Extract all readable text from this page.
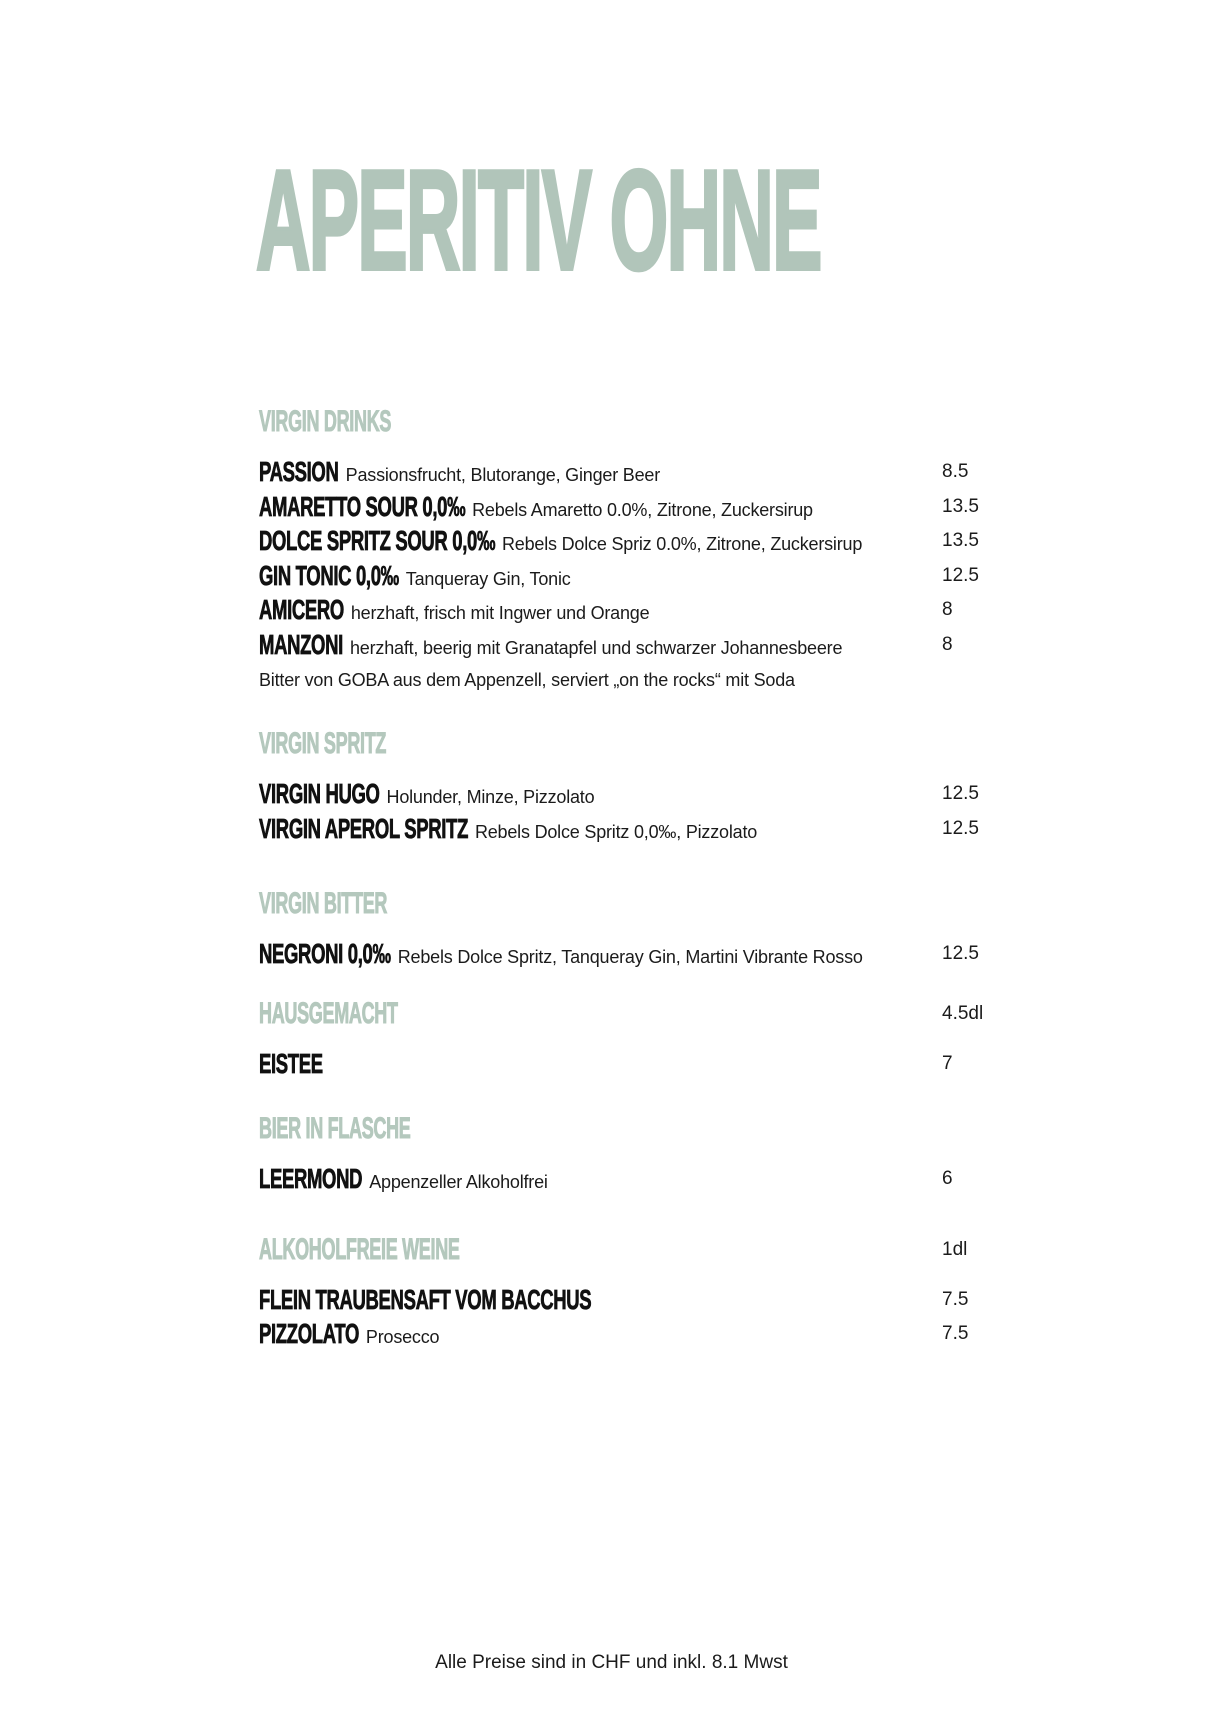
APERITIV OHNE
VIRGIN DRINKS
PASSION Passionsfrucht, Blutorange, Ginger Beer	8.5
AMARETTO SOUR 0,0‰ Rebels Amaretto 0.0%, Zitrone, Zuckersirup	13.5
DOLCE SPRITZ SOUR 0,0‰ Rebels Dolce Spriz 0.0%, Zitrone, Zuckersirup	13.5
GIN TONIC 0,0‰ Tanqueray Gin, Tonic	12.5
AMICERO herzhaft, frisch mit Ingwer und Orange	8
MANZONI herzhaft, beerig mit Granatapfel und schwarzer Johannesbeere	8
Bitter von GOBA aus dem Appenzell, serviert „on the rocks“ mit Soda
VIRGIN SPRITZ
VIRGIN HUGO Holunder, Minze, Pizzolato	12.5
VIRGIN APEROL SPRITZ Rebels Dolce Spritz 0,0‰, Pizzolato	12.5
VIRGIN BITTER
NEGRONI 0,0‰ Rebels Dolce Spritz, Tanqueray Gin, Martini Vibrante Rosso	12.5
HAUSGEMACHT	4.5dl
EISTEE	7
BIER IN FLASCHE
LEERMOND Appenzeller Alkoholfrei	6
ALKOHOLFREIE WEINE	1dl
FLEIN TRAUBENSAFT VOM BACCHUS	7.5
PIZZOLATO Prosecco	7.5
Alle Preise sind in CHF und inkl. 8.1 Mwst
